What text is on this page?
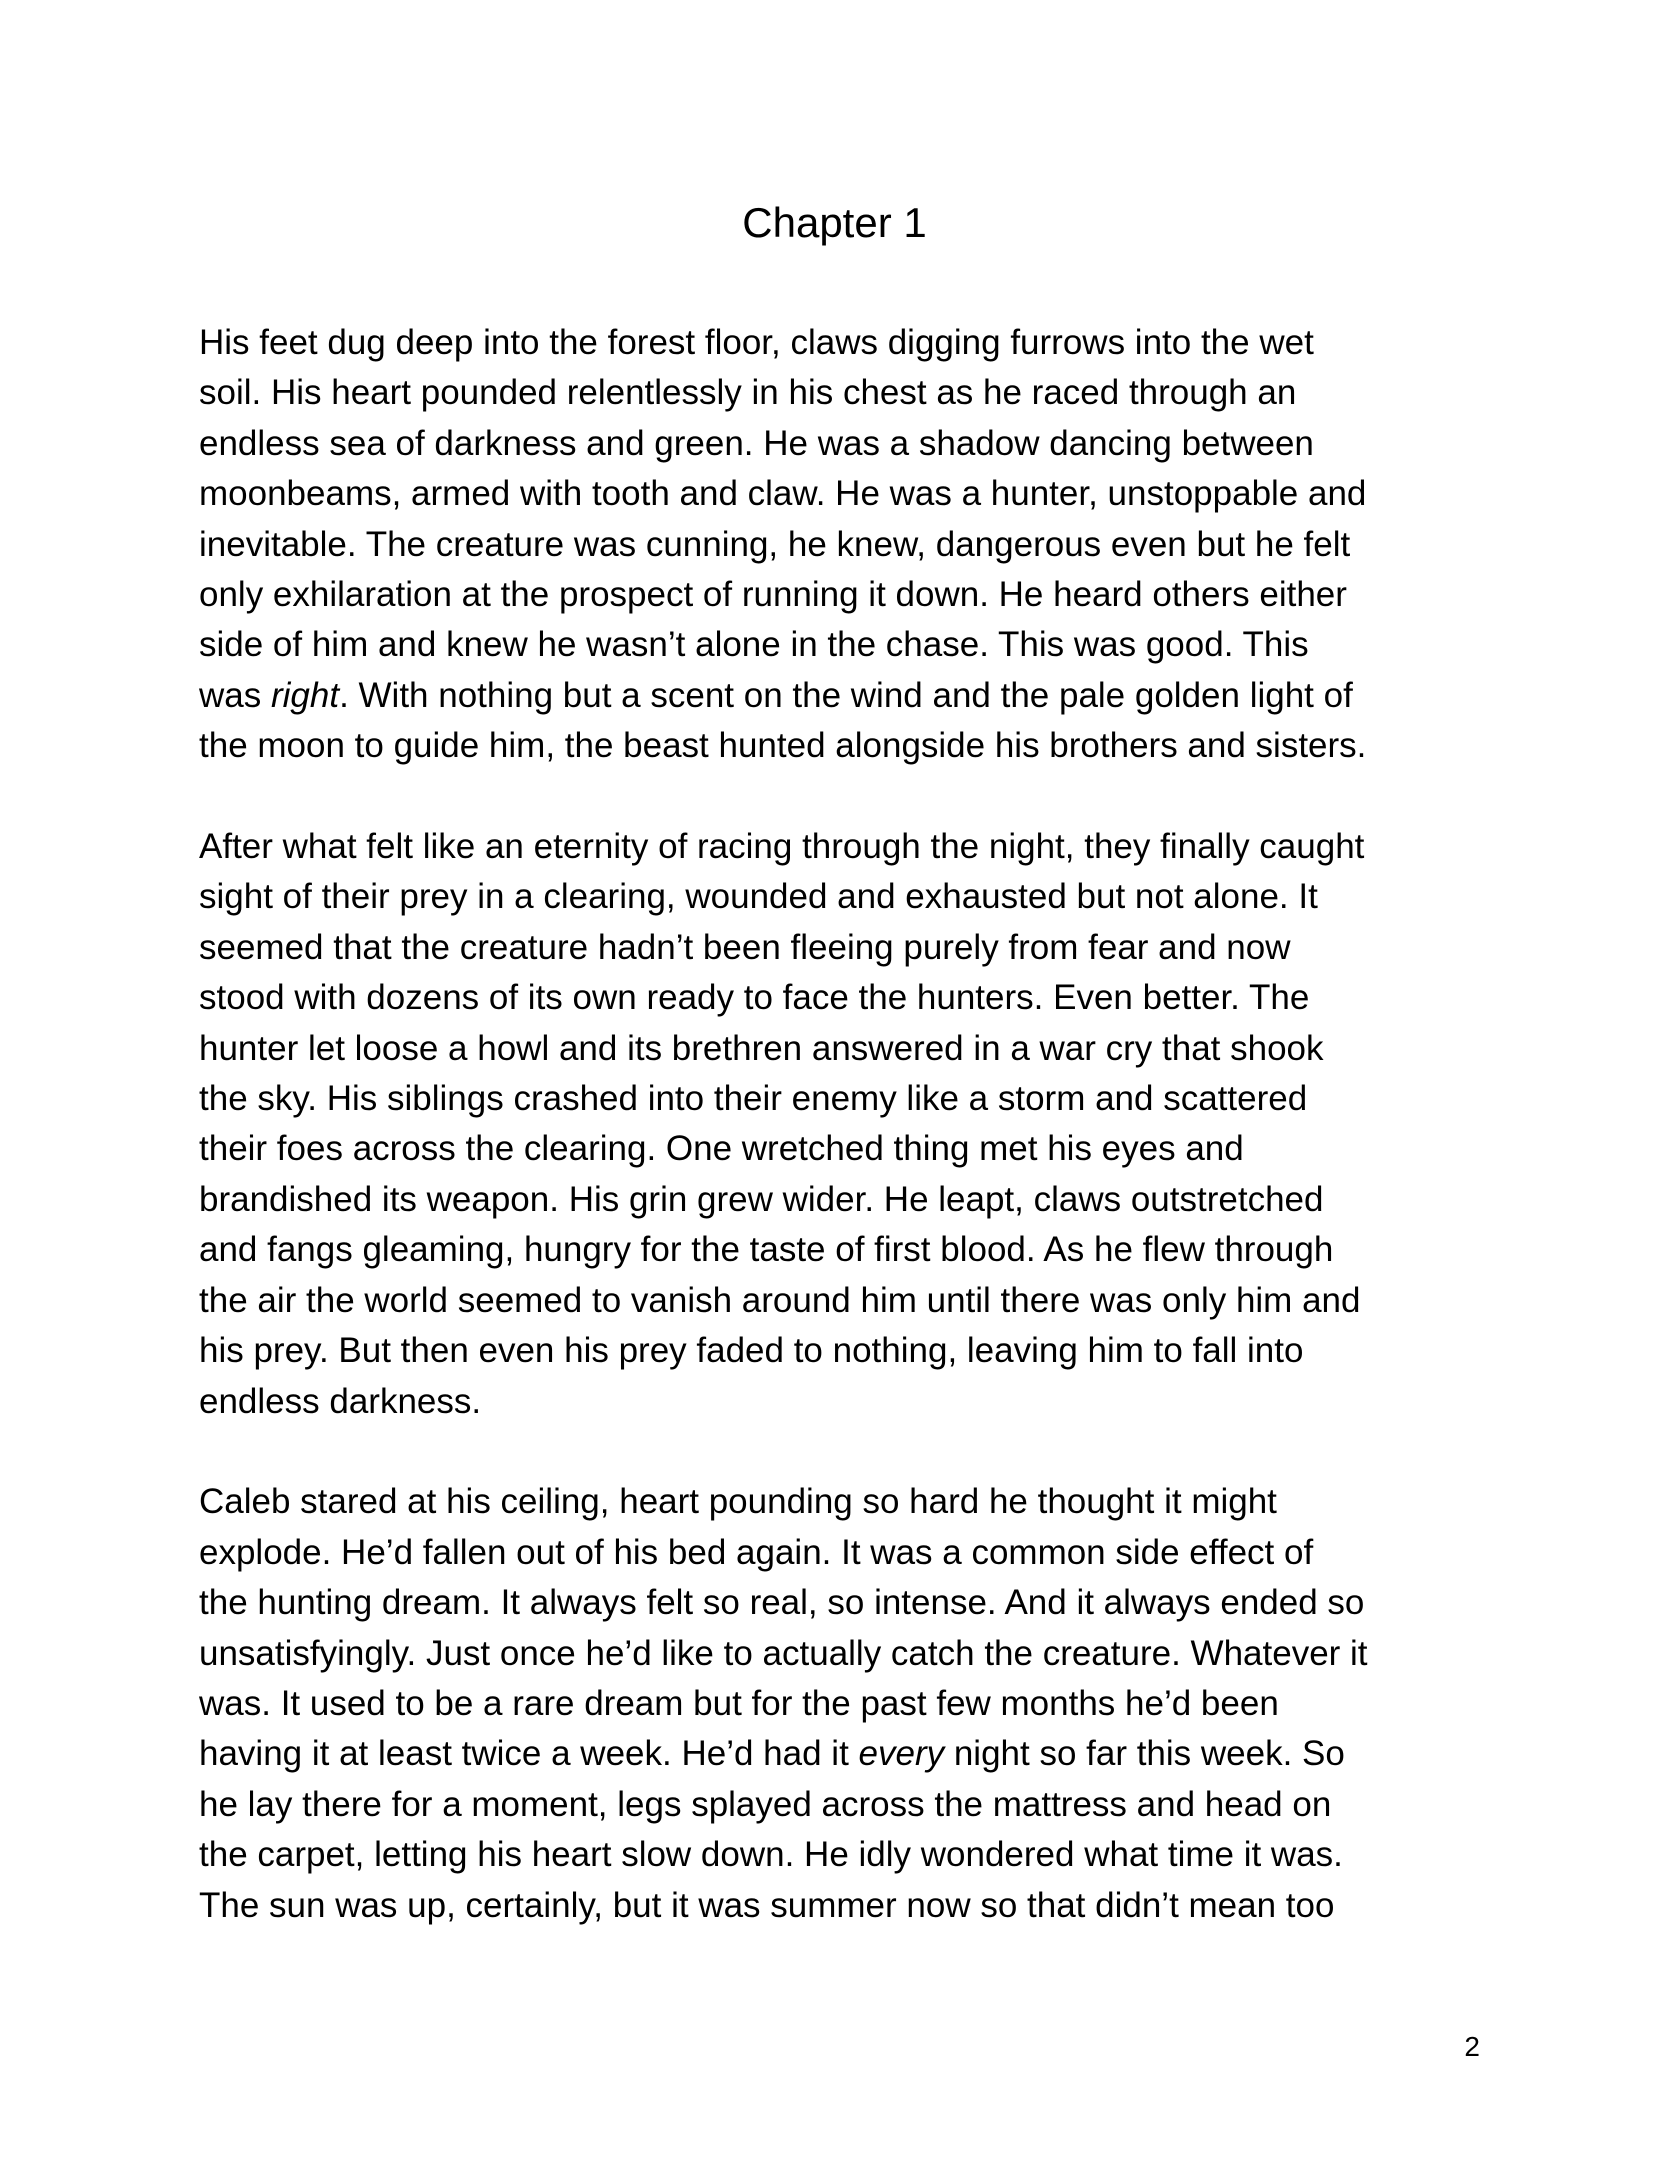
Chapter 1
His feet dug deep into the forest floor, claws digging furrows into the wet
soil. His heart pounded relentlessly in his chest as he raced through an
endless sea of darkness and green. He was a shadow dancing between
moonbeams, armed with tooth and claw. He was a hunter, unstoppable and
inevitable. The creature was cunning, he knew, dangerous even but he felt
only exhilaration at the prospect of running it down. He heard others either
side of him and knew he wasn’t alone in the chase. This was good. This
was right. With nothing but a scent on the wind and the pale golden light of
the moon to guide him, the beast hunted alongside his brothers and sisters.
After what felt like an eternity of racing through the night, they finally caught
sight of their prey in a clearing, wounded and exhausted but not alone. It
seemed that the creature hadn’t been fleeing purely from fear and now
stood with dozens of its own ready to face the hunters. Even better. The
hunter let loose a howl and its brethren answered in a war cry that shook
the sky. His siblings crashed into their enemy like a storm and scattered
their foes across the clearing. One wretched thing met his eyes and
brandished its weapon. His grin grew wider. He leapt, claws outstretched
and fangs gleaming, hungry for the taste of first blood. As he flew through
the air the world seemed to vanish around him until there was only him and
his prey. But then even his prey faded to nothing, leaving him to fall into
endless darkness.
Caleb stared at his ceiling, heart pounding so hard he thought it might
explode. He’d fallen out of his bed again. It was a common side effect of
the hunting dream. It always felt so real, so intense. And it always ended so
unsatisfyingly. Just once he’d like to actually catch the creature. Whatever it
was. It used to be a rare dream but for the past few months he’d been
having it at least twice a week. He’d had it every night so far this week. So
he lay there for a moment, legs splayed across the mattress and head on
the carpet, letting his heart slow down. He idly wondered what time it was.
The sun was up, certainly, but it was summer now so that didn’t mean too
2
